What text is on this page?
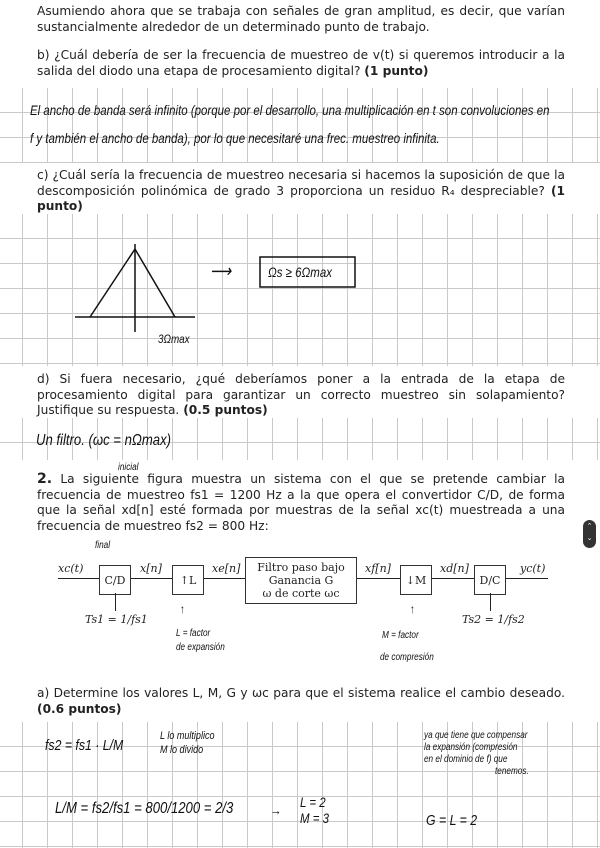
Asumiendo ahora que se trabaja con señales de gran amplitud, es decir, que varían sustancialmente alrededor de un determinado punto de trabajo.
b) ¿Cuál debería de ser la frecuencia de muestreo de v(t) si queremos introducir a la salida del diodo una etapa de procesamiento digital? (1 punto)
El ancho de banda será infinito (porque por el desarrollo, una multiplicación en t son convoluciones en
f y también el ancho de banda), por lo que necesitaré una frec. muestreo infinita.
c) ¿Cuál sería la frecuencia de muestreo necesaria si hacemos la suposición de que la descomposición polinómica de grado 3 proporciona un residuo R₄ despreciable? (1 punto)
3Ωmax
⟶	Ωs ≥ 6Ωmax
d) Si fuera necesario, ¿qué deberíamos poner a la entrada de la etapa de procesamiento digital para garantizar un correcto muestreo sin solapamiento? Justifique su respuesta. (0.5 puntos)
Un filtro. (ωc = nΩmax)
inicial
2. La siguiente figura muestra un sistema con el que se pretende cambiar la frecuencia de muestreo fs1 = 1200 Hz a la que opera el convertidor C/D, de forma que la señal xd[n] esté formada por muestras de la señal xc(t) muestreada a una frecuencia de muestreo fs2 = 800 Hz:
final
xc(t)
C/D
x[n]
↑L
xe[n] Filtro paso bajo
Ganancia G
ω de corte ωc
xf[n]
↓M
xd[n]
D/C
yc(t)
Ts1 = 1/fs1	Ts2 = 1/fs2
↑
L = factor
de expansión
↑
M = factor
de compresión
a) Determine los valores L, M, G y ωc para que el sistema realice el cambio deseado. (0.6 puntos)
fs2 = fs1 · L/M
L lo multiplico
M lo divido
L/M = fs2/fs1 = 800/1200 = 2/3	→ L = 2
M = 3
ya que tiene que compensar
la expansión (compresión
en el dominio de f) que
tenemos.
G = L = 2
⌃
⌄
